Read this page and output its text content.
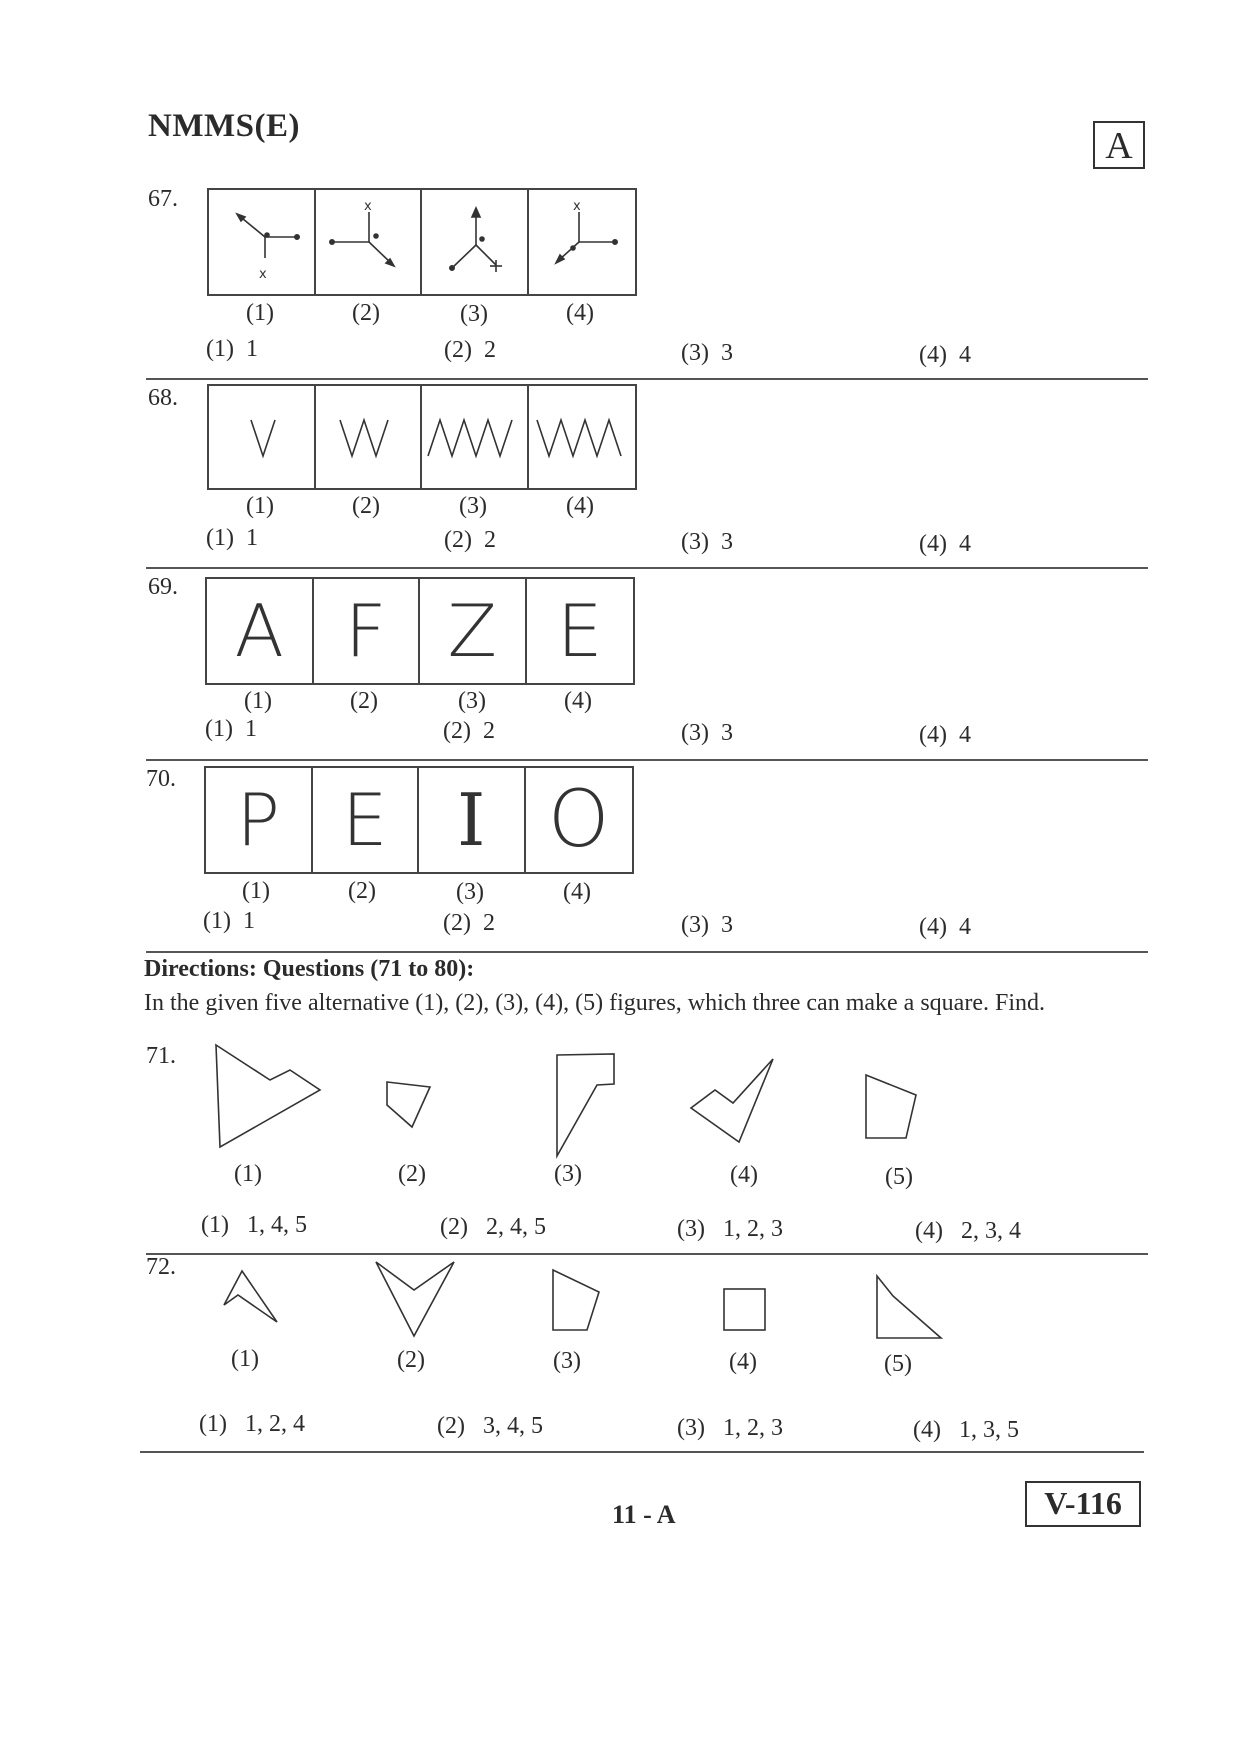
NMMS(E)	A
67.
x
x	x
(1)	(2)	(3)	(4)
(1)  1	(2)  2	(3)  3	(4)  4
68.
(1)	(2)	(3)	(4)
(1)  1	(2)  2	(3)  3	(4)  4
69.
A F Z E
(1)	(2)	(3)	(4)
(1)  1	(2)  2	(3)  3	(4)  4
70. P E I O
(1)	(2)	(3)	(4)
(1)  1	(2)  2	(3)  3	(4)  4
Directions: Questions (71 to 80):
In the given five alternative (1), (2), (3), (4), (5) figures, which three can make a square. Find.
71.
(1)	(2)	(3)	(4)	(5)
(1)   1, 4, 5	(2)   2, 4, 5	(3)   1, 2, 3	(4)   2, 3, 4
72.
(1)	(2)	(3)	(4)	(5)
(1)   1, 2, 4	(2)   3, 4, 5	(3)   1, 2, 3	(4)   1, 3, 5
11 - A	V-116
